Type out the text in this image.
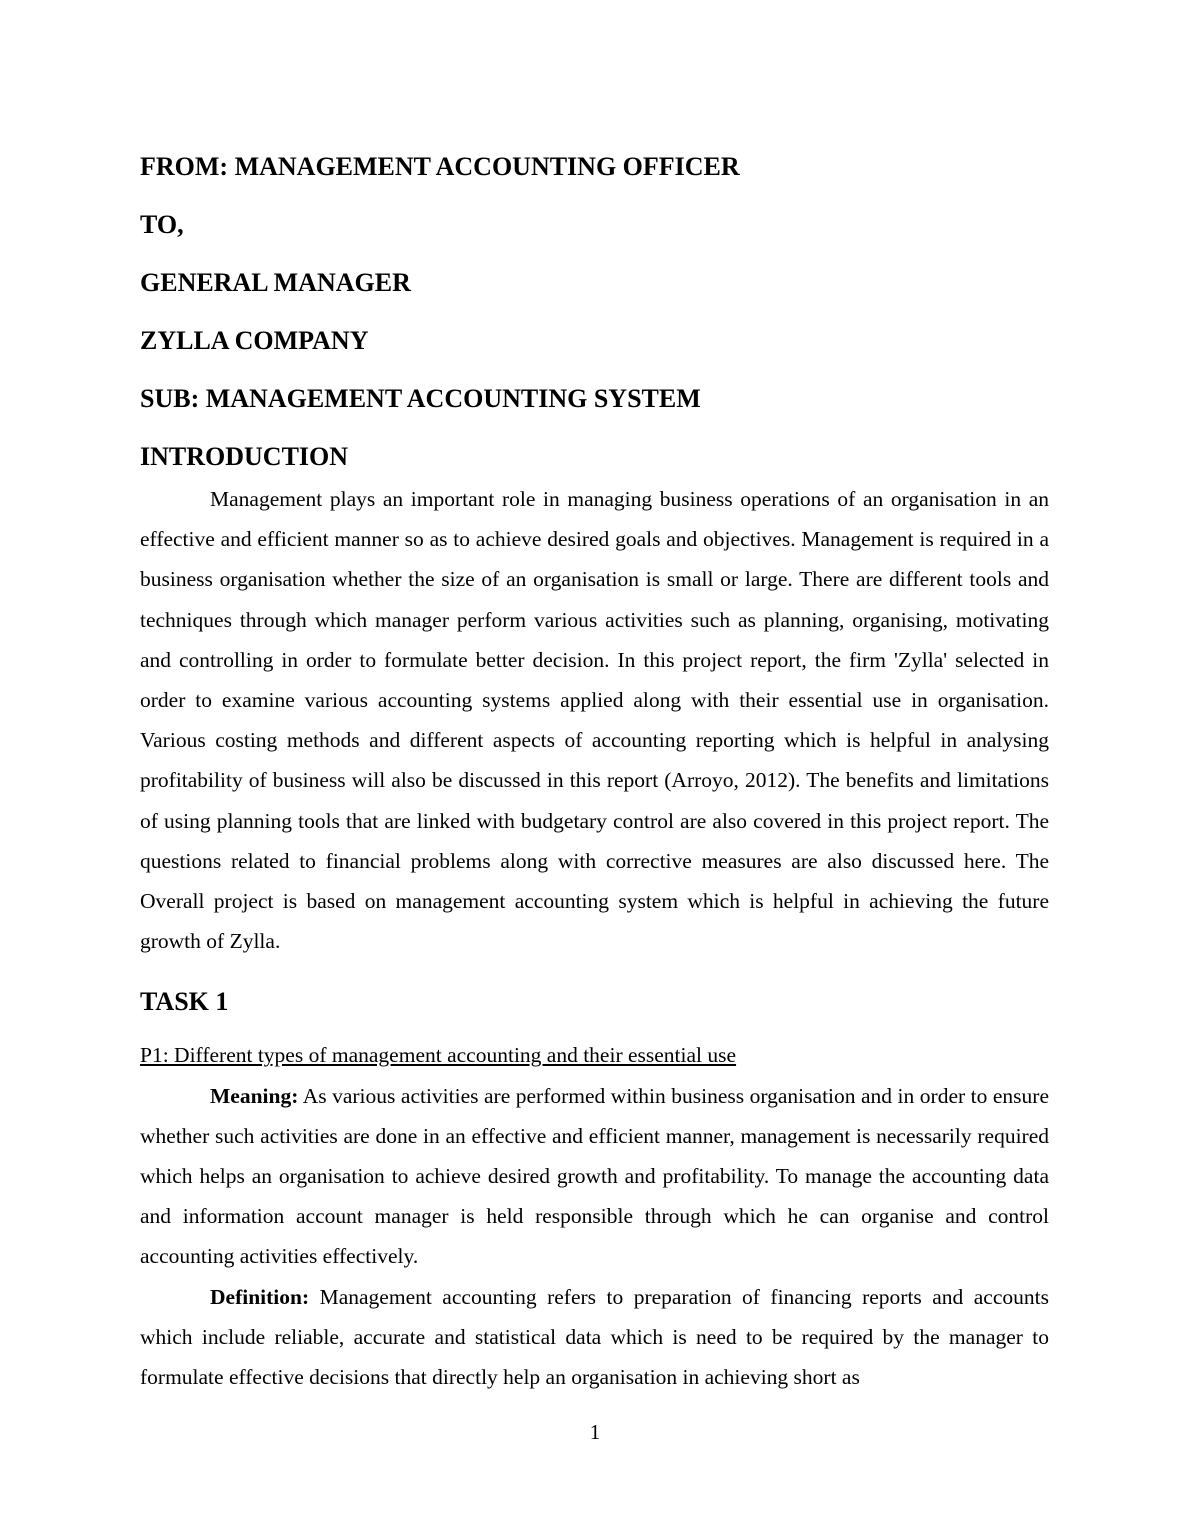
FROM: MANAGEMENT ACCOUNTING OFFICER
TO,
GENERAL MANAGER
ZYLLA COMPANY
SUB: MANAGEMENT ACCOUNTING SYSTEM
INTRODUCTION

Management plays an important role in managing business operations of an organisation in an effective and efficient manner so as to achieve desired goals and objectives. Management is required in a business organisation whether the size of an organisation is small or large. There are different tools and techniques through which manager perform various activities such as planning, organising, motivating and controlling in order to formulate better decision. In this project report, the firm 'Zylla' selected in order to examine various accounting systems applied along with their essential use in organisation. Various costing methods and different aspects of accounting reporting which is helpful in analysing profitability of business will also be discussed in this report (Arroyo, 2012). The benefits and limitations of using planning tools that are linked with budgetary control are also covered in this project report. The questions related to financial problems along with corrective measures are also discussed here. The Overall project is based on management accounting system which is helpful in achieving the future growth of Zylla.

TASK 1
P1: Different types of management accounting and their essential use

Meaning: As various activities are performed within business organisation and in order to ensure whether such activities are done in an effective and efficient manner, management is necessarily required which helps an organisation to achieve desired growth and profitability. To manage the accounting data and information account manager is held responsible through which he can organise and control accounting activities effectively.

Definition: Management accounting refers to preparation of financing reports and accounts which include reliable, accurate and statistical data which is need to be required by the manager to formulate effective decisions that directly help an organisation in achieving short as

1
